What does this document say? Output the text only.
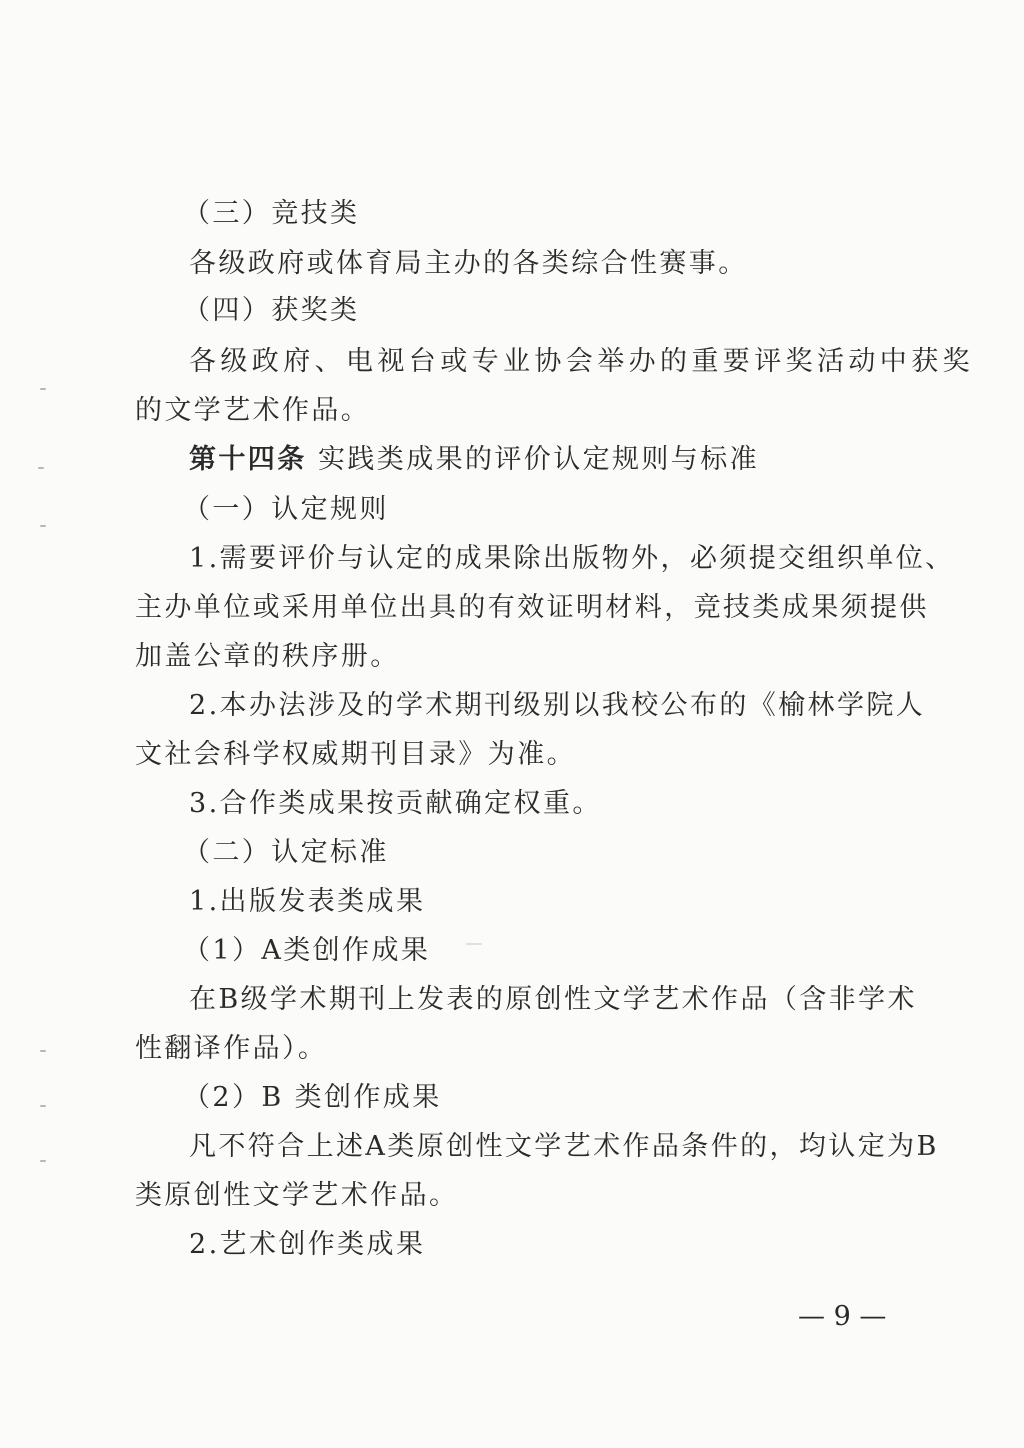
（三）竞技类
各级政府或体育局主办的各类综合性赛事。
（四）获奖类
各级政府、电视台或专业协会举办的重要评奖活动中获奖
的文学艺术作品。
第十四条 实践类成果的评价认定规则与标准
（一）认定规则
1.需要评价与认定的成果除出版物外，必须提交组织单位、
主办单位或采用单位出具的有效证明材料，竞技类成果须提供
加盖公章的秩序册。
2.本办法涉及的学术期刊级别以我校公布的《榆林学院人
文社会科学权威期刊目录》为准。
3.合作类成果按贡献确定权重。
（二）认定标准
1.出版发表类成果
（1）A类创作成果
在B级学术期刊上发表的原创性文学艺术作品（含非学术
性翻译作品）。
（2）B 类创作成果
凡不符合上述A类原创性文学艺术作品条件的，均认定为B
类原创性文学艺术作品。
2.艺术创作类成果
— 9 —
